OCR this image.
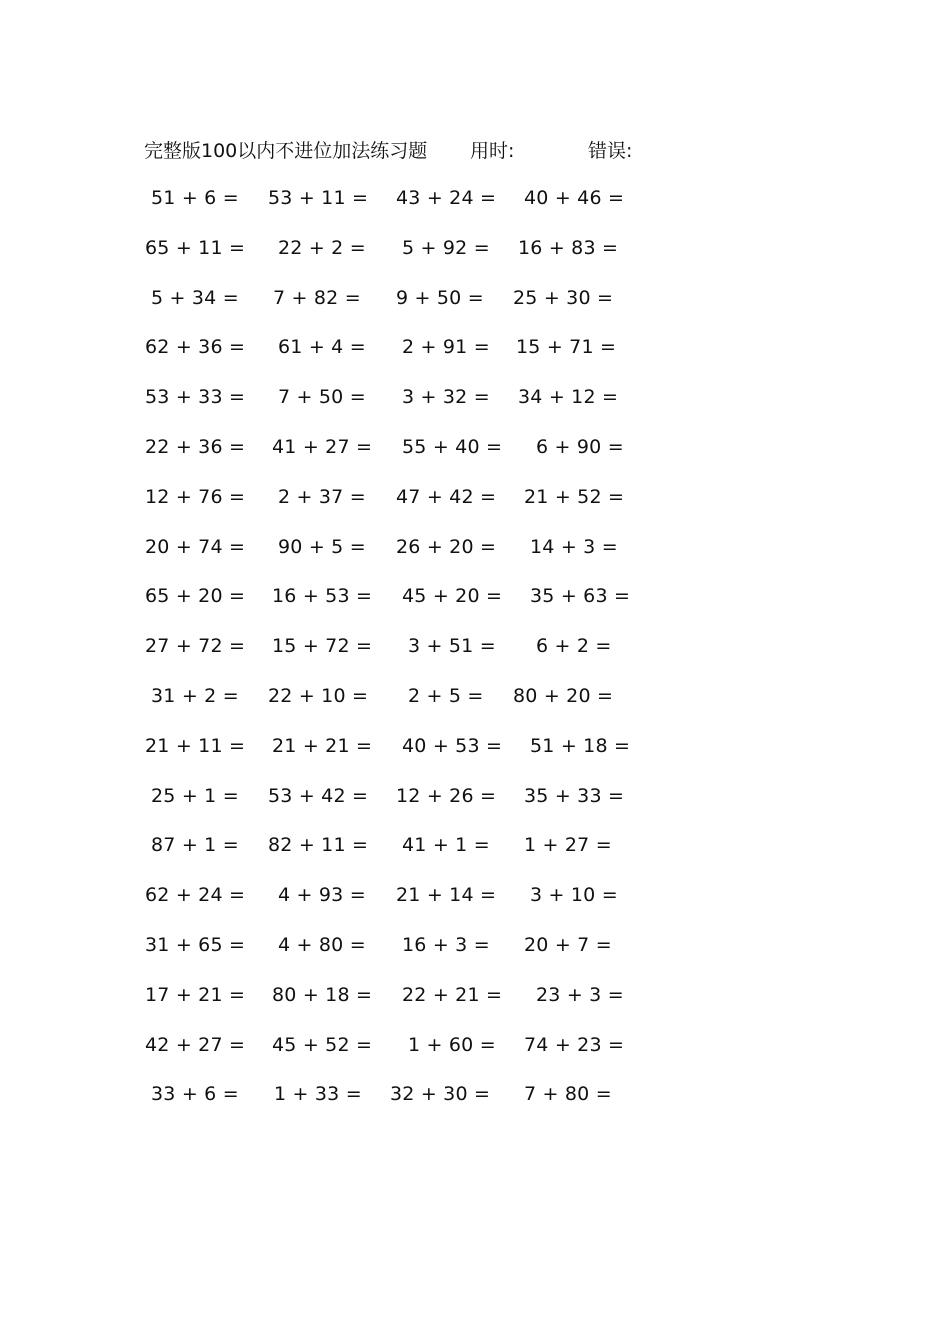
完整版100以内不进位加法练习题 用时:	错误:
51 + 6 = 53 + 11 = 43 + 24 = 40 + 46 =
65 + 11 = 22 + 2 = 5 + 92 = 16 + 83 =
5 + 34 = 7 + 82 = 9 + 50 = 25 + 30 =
62 + 36 = 61 + 4 = 2 + 91 = 15 + 71 =
53 + 33 = 7 + 50 = 3 + 32 = 34 + 12 =
22 + 36 = 41 + 27 = 55 + 40 = 6 + 90 =
12 + 76 = 2 + 37 = 47 + 42 = 21 + 52 =
20 + 74 = 90 + 5 = 26 + 20 = 14 + 3 =
65 + 20 = 16 + 53 = 45 + 20 = 35 + 63 =
27 + 72 = 15 + 72 = 3 + 51 = 6 + 2 =
31 + 2 = 22 + 10 = 2 + 5 = 80 + 20 =
21 + 11 = 21 + 21 = 40 + 53 = 51 + 18 =
25 + 1 = 53 + 42 = 12 + 26 = 35 + 33 =
87 + 1 = 82 + 11 = 41 + 1 = 1 + 27 =
62 + 24 = 4 + 93 = 21 + 14 = 3 + 10 =
31 + 65 = 4 + 80 = 16 + 3 = 20 + 7 =
17 + 21 = 80 + 18 = 22 + 21 = 23 + 3 =
42 + 27 = 45 + 52 = 1 + 60 = 74 + 23 =
33 + 6 = 1 + 33 = 32 + 30 = 7 + 80 =
